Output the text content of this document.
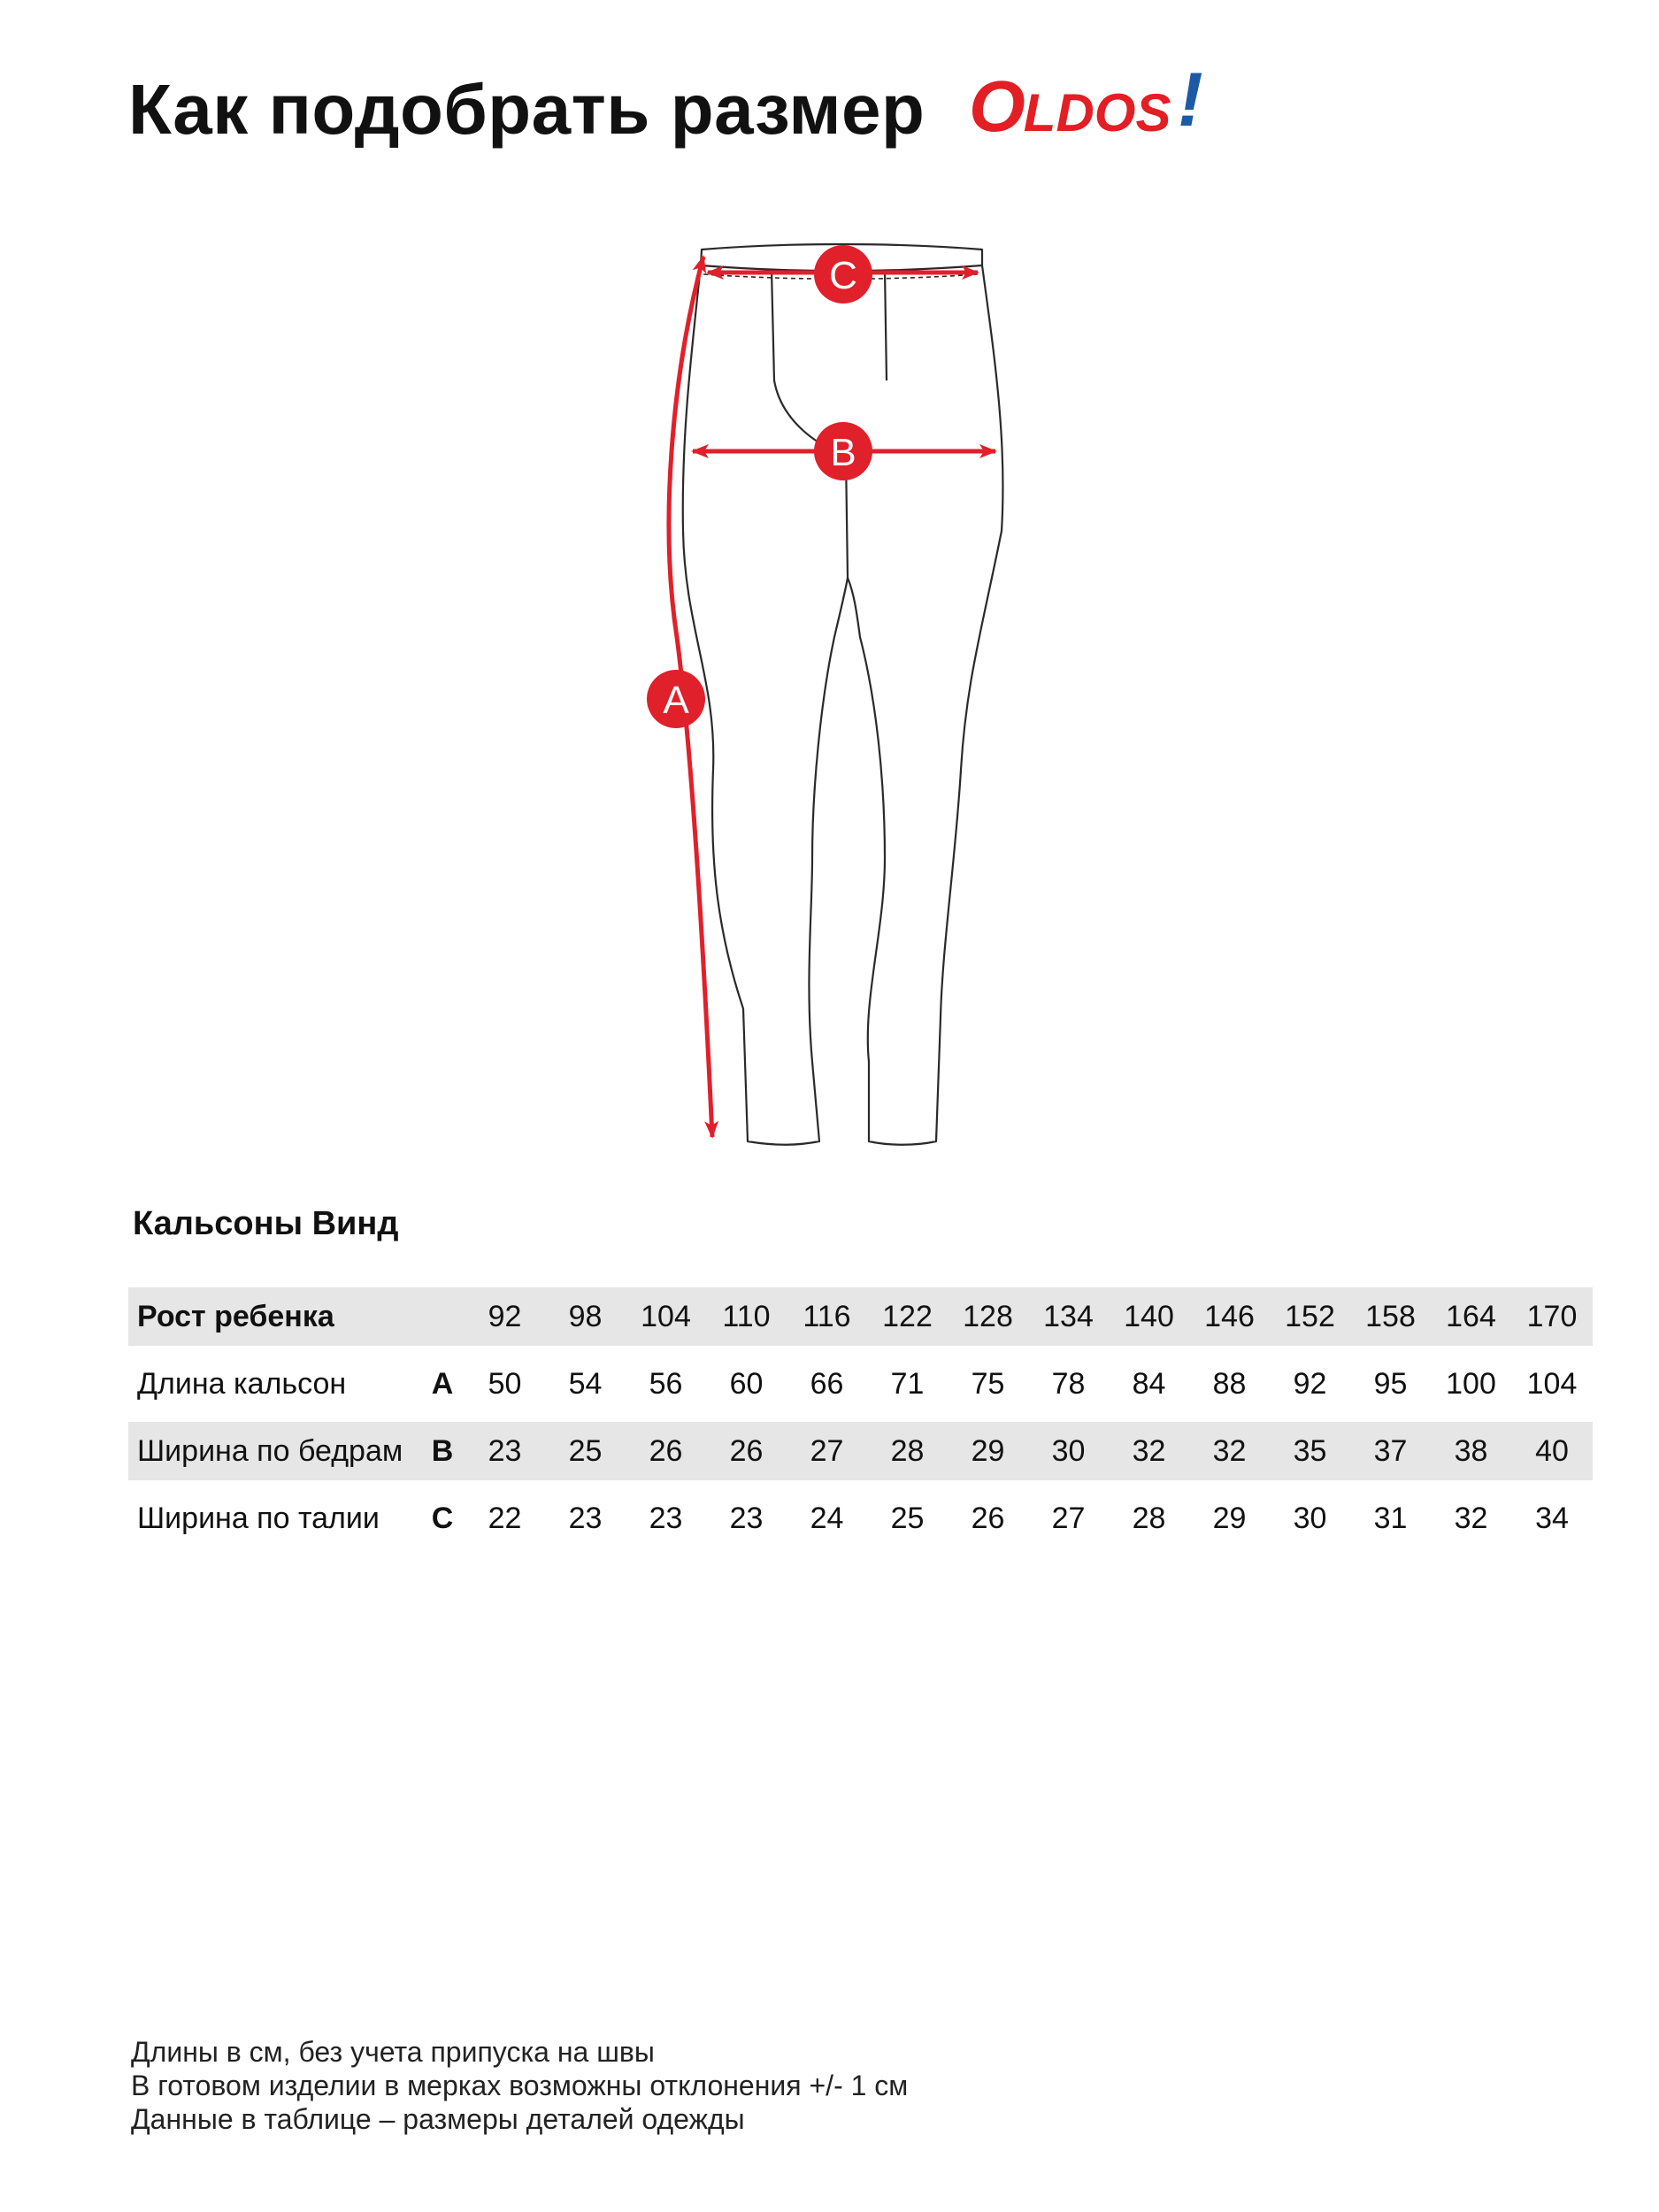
Как подобрать размер OLDOS !
A
B
C
Кальсоны Винд
Рост ребенка		92	98	104	110	116	122	128	134	140	146	152	158	164	170

Длина кальсон	A	50	54	56	60	66	71	75	78	84	88	92	95	100	104

Ширина по бедрам	B	23	25	26	26	27	28	29	30	32	32	35	37	38	40

Ширина по талии	C	22	23	23	23	24	25	26	27	28	29	30	31	32	34
Длины в см, без учета припуска на швы
В готовом изделии в мерках возможны отклонения +/- 1 см
Данные в таблице – размеры деталей одежды
